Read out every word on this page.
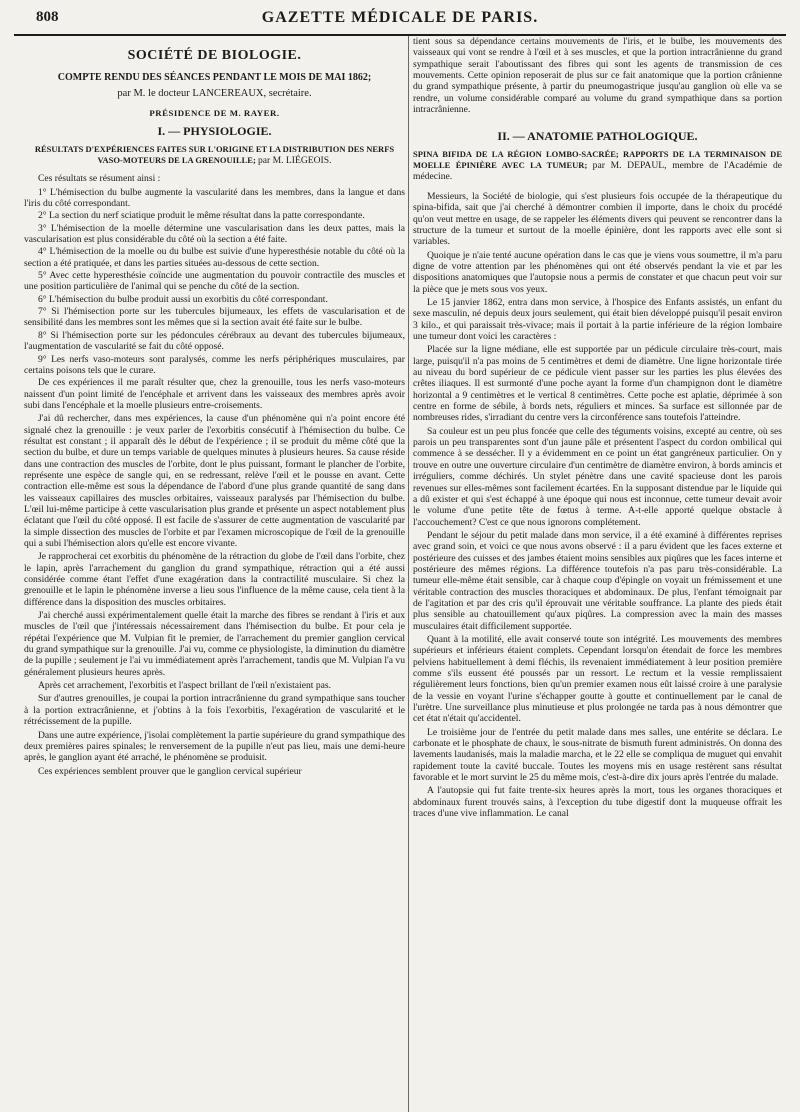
808	GAZETTE MÉDICALE DE PARIS.
SOCIÉTÉ DE BIOLOGIE.
COMPTE RENDU DES SÉANCES PENDANT LE MOIS DE MAI 1862;
par M. le docteur LANCEREAUX, secrétaire.
PRÉSIDENCE DE M. RAYER.
I. — PHYSIOLOGIE.
RÉSULTATS D'EXPÉRIENCES FAITES SUR L'ORIGINE ET LA DISTRIBUTION DES NERFS VASO-MOTEURS DE LA GRENOUILLE; par M. LIÉGEOIS.

Ces résultats se résument ainsi :

1° L'hémisection du bulbe augmente la vascularité dans les membres, dans la langue et dans l'iris du côté correspondant.

2° La section du nerf sciatique produit le même résultat dans la patte correspondante.

3° L'hémisection de la moelle détermine une vascularisation dans les deux pattes, mais la vascularisation est plus considérable du côté où la section a été faite.

4° L'hémisection de la moelle ou du bulbe est suivie d'une hyperesthésie notable du côté où la section a été pratiquée, et dans les parties situées au-dessous de cette section.

5° Avec cette hyperesthésie coïncide une augmentation du pouvoir contractile des muscles et une position particulière de l'animal qui se penche du côté de la section.

6° L'hémisection du bulbe produit aussi un exorbitis du côté correspondant.

7° Si l'hémisection porte sur les tubercules bijumeaux, les effets de vascularisation et de sensibilité dans les membres sont les mêmes que si la section avait été faite sur le bulbe.

8° Si l'hémisection porte sur les pédoncules cérébraux au devant des tubercules bijumeaux, l'augmentation de vascularité se fait du côté opposé.

9° Les nerfs vaso-moteurs sont paralysés, comme les nerfs périphériques musculaires, par certains poisons tels que le curare.

De ces expériences il me paraît résulter que, chez la grenouille, tous les nerfs vaso-moteurs naissent d'un point limité de l'encéphale et arrivent dans les vaisseaux des membres après avoir subi dans l'encéphale et la moelle plusieurs entre-croisements.

J'ai dû rechercher, dans mes expériences, la cause d'un phénomène qui n'a point encore été signalé chez la grenouille : je veux parler de l'exorbitis consécutif à l'hémisection du bulbe. Ce résultat est constant ; il apparaît dès le début de l'expérience ; il se produit du même côté que la section du bulbe, et dure un temps variable de quelques minutes à plusieurs heures. Sa cause réside dans une contraction des muscles de l'orbite, dont le plus puissant, formant le plancher de l'orbite, représente une espèce de sangle qui, en se redressant, relève l'œil et le pousse en avant. Cette contraction elle-même est sous la dépendance de l'abord d'une plus grande quantité de sang dans les vaisseaux capillaires des muscles orbitaires, vaisseaux paralysés par l'hémisection du bulbe. L'œil lui-même participe à cette vascularisation plus grande et présente un aspect notablement plus éclatant que l'œil du côté opposé. Il est facile de s'assurer de cette augmentation de vascularité par la simple dissection des muscles de l'orbite et par l'examen microscopique de l'œil de la grenouille qui a subi l'hémisection alors qu'elle est encore vivante.

Je rapprocherai cet exorbitis du phénomène de la rétraction du globe de l'œil dans l'orbite, chez le lapin, après l'arrachement du ganglion du grand sympathique, rétraction qui a été aussi considérée comme étant l'effet d'une exagération dans la contractilité musculaire. Si chez la grenouille et le lapin le phénomène inverse a lieu sous l'influence de la même cause, cela tient à la différence dans la disposition des muscles orbitaires.

J'ai cherché aussi expérimentalement quelle était la marche des fibres se rendant à l'iris et aux muscles de l'œil que j'intéressais nécessairement dans l'hémisection du bulbe. Et pour cela je répétai l'expérience que M. Vulpian fit le premier, de l'arrachement du premier ganglion cervical du grand sympathique sur la grenouille. J'ai vu, comme ce physiologiste, la diminution du diamètre de la pupille ; seulement je l'ai vu immédiatement après l'arrachement, tandis que M. Vulpian l'a vu généralement plusieurs heures après.

Après cet arrachement, l'exorbitis et l'aspect brillant de l'œil n'existaient pas.

Sur d'autres grenouilles, je coupai la portion intracrânienne du grand sympathique sans toucher à la portion extracrânienne, et j'obtins à la fois l'exorbitis, l'exagération de vascularité et le rétrécissement de la pupille.

Dans une autre expérience, j'isolai complètement la partie supérieure du grand sympathique des deux premières paires spinales; le renversement de la pupille n'eut pas lieu, mais une demi-heure après, le ganglion ayant été arraché, le phénomène se produisit.

Ces expériences semblent prouver que le ganglion cervical supérieur

tient sous sa dépendance certains mouvements de l'iris, et le bulbe, les mouvements des vaisseaux qui vont se rendre à l'œil et à ses muscles, et que la portion intracrânienne du grand sympathique serait l'aboutissant des fibres qui sont les agents de transmission de ces mouvements. Cette opinion reposerait de plus sur ce fait anatomique que la portion crânienne du grand sympathique présente, à partir du pneumogastrique jusqu'au ganglion où elle va se rendre, un volume considérable comparé au volume du grand sympathique dans sa portion intracrânienne.

II. — ANATOMIE PATHOLOGIQUE.
SPINA BIFIDA DE LA RÉGION LOMBO-SACRÉE; RAPPORTS DE LA TERMINAISON DE MOELLE ÉPINIÈRE AVEC LA TUMEUR; par M. DEPAUL, membre de l'Académie de médecine.

Messieurs, la Société de biologie, qui s'est plusieurs fois occupée de la thérapeutique du spina-bifida, sait que j'ai cherché à démontrer combien il importe, dans le choix du procédé qu'on veut mettre en usage, de se rappeler les éléments divers qui peuvent se rencontrer dans la structure de la tumeur et surtout de la moelle épinière, dont les rapports avec elle sont si variables.

Quoique je n'aie tenté aucune opération dans le cas que je viens vous soumettre, il m'a paru digne de votre attention par les phénomènes qui ont été observés pendant la vie et par les dispositions anatomiques que l'autopsie nous a permis de constater et que chacun peut voir sur la pièce que je mets sous vos yeux.

Le 15 janvier 1862, entra dans mon service, à l'hospice des Enfants assistés, un enfant du sexe masculin, né depuis deux jours seulement, qui était bien développé puisqu'il pesait environ 3 kilo., et qui paraissait très-vivace; mais il portait à la partie inférieure de la région lombaire une tumeur dont voici les caractères :

Placée sur la ligne médiane, elle est supportée par un pédicule circulaire très-court, mais large, puisqu'il n'a pas moins de 5 centimètres et demi de diamètre. Une ligne horizontale tirée au niveau du bord supérieur de ce pédicule vient passer sur les parties les plus élevées des crêtes iliaques. Il est surmonté d'une poche ayant la forme d'un champignon dont le diamètre horizontal a 9 centimètres et le vertical 8 centimètres. Cette poche est aplatie, déprimée à son centre en forme de sébile, à bords nets, réguliers et minces. Sa surface est sillonnée par de nombreuses rides, s'irradiant du centre vers la circonférence sans toutefois l'atteindre.

Sa couleur est un peu plus foncée que celle des téguments voisins, excepté au centre, où ses parois un peu transparentes sont d'un jaune pâle et présentent l'aspect du cordon ombilical qui commence à se dessécher. Il y a évidemment en ce point un état gangréneux particulier. On y trouve en outre une ouverture circulaire d'un centimètre de diamètre environ, à bords amincis et irréguliers, comme déchirés. Un stylet pénètre dans une cavité spacieuse dont les parois revenues sur elles-mêmes sont facilement écartées. En la supposant distendue par le liquide qui a dû exister et qui s'est échappé à une époque qui nous est inconnue, cette tumeur devait avoir le volume d'une petite tête de fœtus à terme. A-t-elle apporté quelque obstacle à l'accouchement? C'est ce que nous ignorons complétement.

Pendant le séjour du petit malade dans mon service, il a été examiné à différentes reprises avec grand soin, et voici ce que nous avons observé : il a paru évident que les faces externe et postérieure des cuisses et des jambes étaient moins sensibles aux piqûres que les faces interne et postérieure des mêmes régions. La différence toutefois n'a pas paru très-considérable. La tumeur elle-même était sensible, car à chaque coup d'épingle on voyait un frémissement et une véritable contraction des muscles thoraciques et abdominaux. De plus, l'enfant témoignait par de l'agitation et par des cris qu'il éprouvait une véritable souffrance. La plante des pieds était plus sensible au chatouillement qu'aux piqûres. La compression avec la main des masses musculaires était difficilement supportée.

Quant à la motilité, elle avait conservé toute son intégrité. Les mouvements des membres supérieurs et inférieurs étaient complets. Cependant lorsqu'on étendait de force les membres pelviens habituellement à demi fléchis, ils revenaient immédiatement à leur position première comme s'ils eussent été poussés par un ressort. Le rectum et la vessie remplissaient régulièrement leurs fonctions, bien qu'un premier examen nous eût laissé croire à une paralysie de la vessie en voyant l'urine s'échapper goutte à goutte et continuellement par le canal de l'urètre. Une surveillance plus minutieuse et plus prolongée ne tarda pas à nous démontrer que cet état n'était qu'accidentel.

Le troisième jour de l'entrée du petit malade dans mes salles, une entérite se déclara. Le carbonate et le phosphate de chaux, le sous-nitrate de bismuth furent administrés. On donna des lavements laudanisés, mais la maladie marcha, et le 22 elle se compliqua de muguet qui envahit rapidement toute la cavité buccale. Toutes les moyens mis en usage restèrent sans résultat favorable et le mort survint le 25 du même mois, c'est-à-dire dix jours après l'entrée du malade.

A l'autopsie qui fut faite trente-six heures après la mort, tous les organes thoraciques et abdominaux furent trouvés sains, à l'exception du tube digestif dont la muqueuse offrait les traces d'une vive inflammation. Le canal
